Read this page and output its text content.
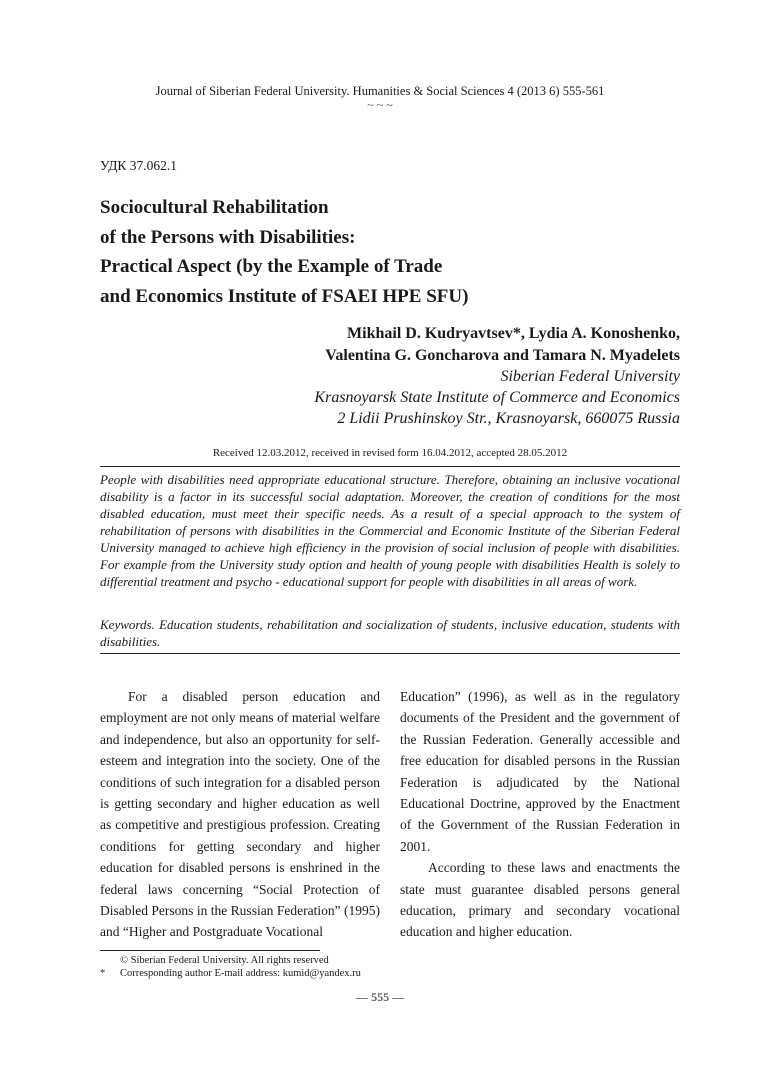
Journal of Siberian Federal University. Humanities & Social Sciences 4 (2013 6) 555-561
~ ~ ~
УДК 37.062.1
Sociocultural Rehabilitation
of the Persons with Disabilities:
Practical Aspect (by the Example of Trade
and Economics Institute of FSAEI HPE SFU)
Mikhail D. Kudryavtsev*, Lydia A. Konoshenko,
Valentina G. Goncharova and Tamara N. Myadelets
Siberian Federal University
Krasnoyarsk State Institute of Commerce and Economics
2 Lidii Prushinskoy Str., Krasnoyarsk, 660075 Russia
Received 12.03.2012, received in revised form 16.04.2012, accepted 28.05.2012
People with disabilities need appropriate educational structure. Therefore, obtaining an inclusive vocational disability is a factor in its successful social adaptation. Moreover, the creation of conditions for the most disabled education, must meet their specific needs. As a result of a special approach to the system of rehabilitation of persons with disabilities in the Commercial and Economic Institute of the Siberian Federal University managed to achieve high efficiency in the provision of social inclusion of people with disabilities. For example from the University study option and health of young people with disabilities Health is solely to differential treatment and psycho - educational support for people with disabilities in all areas of work.
Keywords. Education students, rehabilitation and socialization of students, inclusive education, students with disabilities.

For a disabled person education and employment are not only means of material welfare and independence, but also an opportunity for self-esteem and integration into the society. One of the conditions of such integration for a disabled person is getting secondary and higher education as well as competitive and prestigious profession. Creating conditions for getting secondary and higher education for disabled persons is enshrined in the federal laws concerning “Social Protection of Disabled Persons in the Russian Federation” (1995) and “Higher and Postgraduate Vocational

Education” (1996), as well as in the regulatory documents of the President and the government of the Russian Federation. Generally accessible and free education for disabled persons in the Russian Federation is adjudicated by the National Educational Doctrine, approved by the Enactment of the Government of the Russian Federation in 2001.

According to these laws and enactments the state must guarantee disabled persons general education, primary and secondary vocational education and higher education.

© Siberian Federal University. All rights reserved
* Corresponding author E-mail address: kumid@yandex.ru
— 555 —
